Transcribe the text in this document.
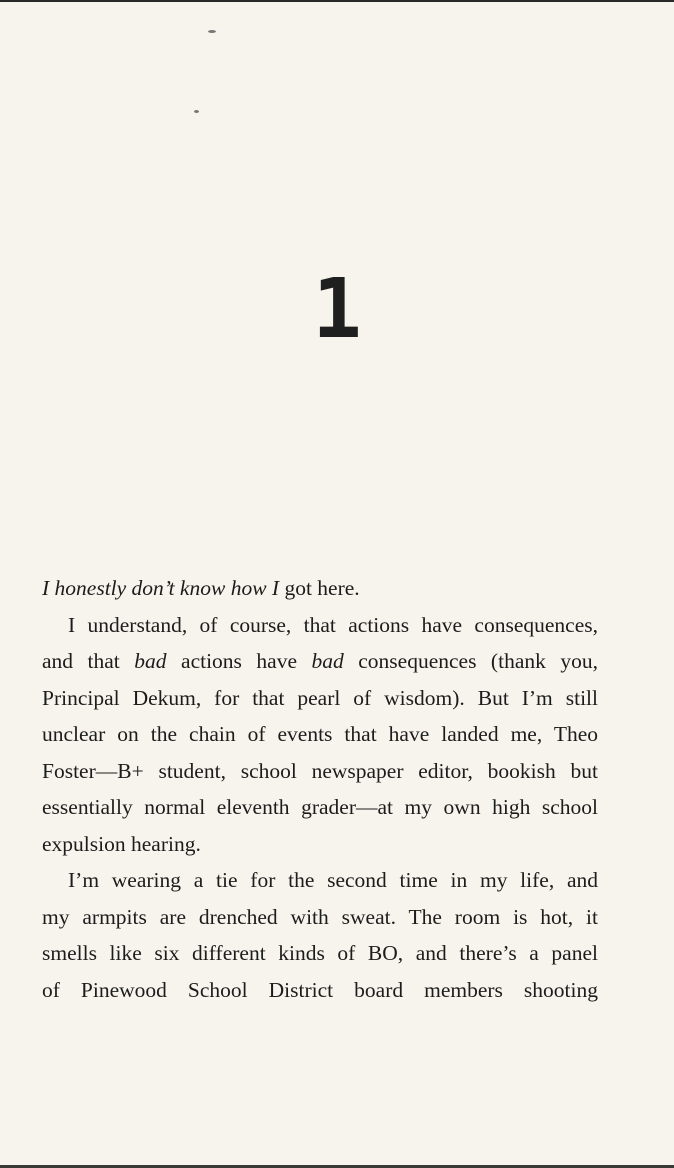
1
I honestly don’t know how I got here.
I understand, of course, that actions have consequences,
and that bad actions have bad consequences (thank you,
Principal Dekum, for that pearl of wisdom). But I’m still
unclear on the chain of events that have landed me, Theo
Foster—B+ student, school newspaper editor, bookish but
essentially normal eleventh grader—at my own high school
expulsion hearing.
I’m wearing a tie for the second time in my life, and
my armpits are drenched with sweat. The room is hot, it
smells like six different kinds of BO, and there’s a panel
of Pinewood School District board members shooting
